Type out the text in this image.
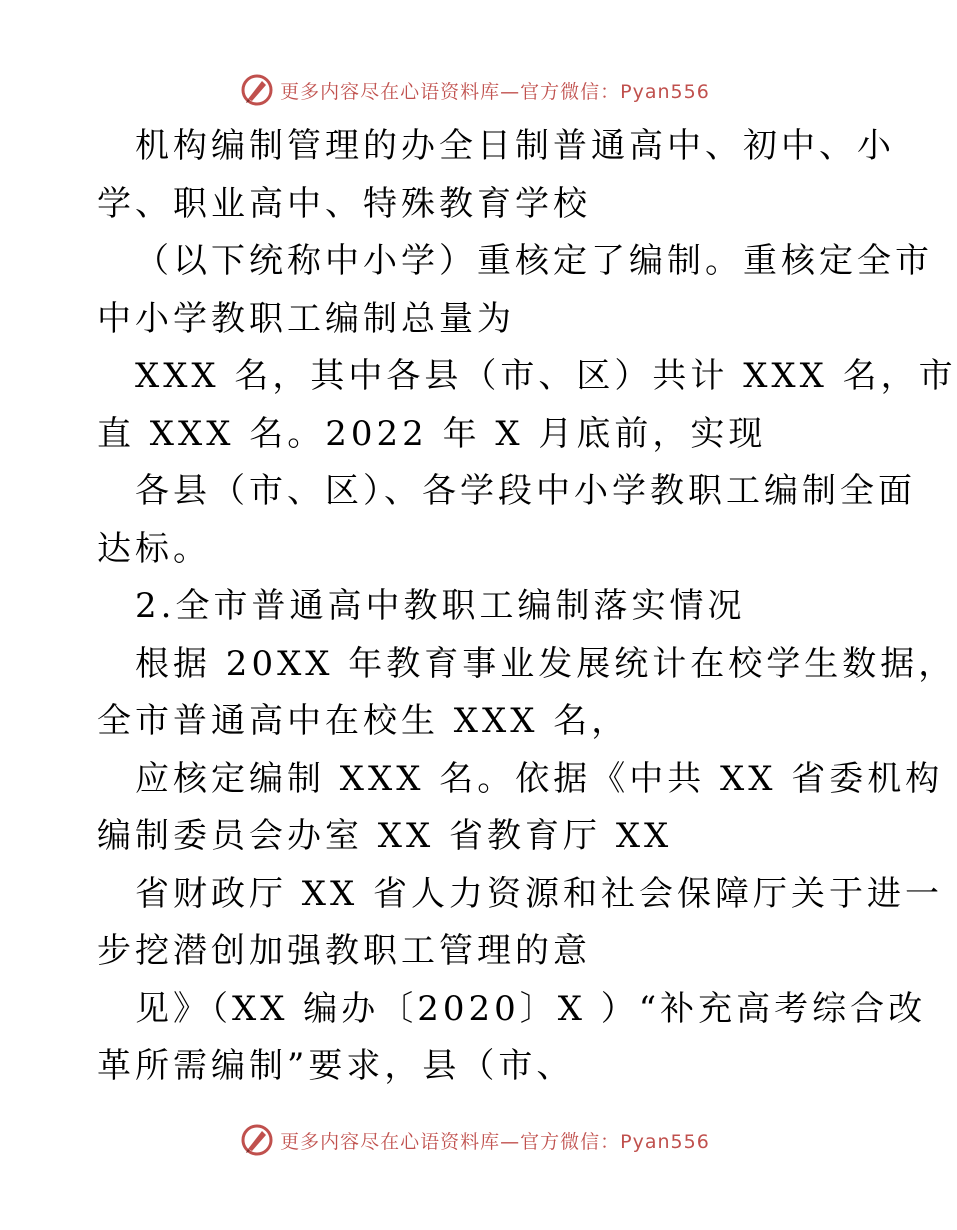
更多内容尽在心语资料库—官方微信：Pyan556
机构编制管理的办全日制普通高中、初中、小
学、职业高中、特殊教育学校
（以下统称中小学）重核定了编制。重核定全市
中小学教职工编制总量为
XXX 名，其中各县（市、区）共计 XXX 名，市
直 XXX 名。2022 年 X 月底前，实现
各县（市、区）、各学段中小学教职工编制全面
达标。
2.全市普通高中教职工编制落实情况
根据 20XX 年教育事业发展统计在校学生数据，
全市普通高中在校生 XXX 名，
应核定编制 XXX 名。依据《中共 XX 省委机构
编制委员会办室 XX 省教育厅 XX
省财政厅 XX 省人力资源和社会保障厅关于进一
步挖潜创加强教职工管理的意
见》（XX 编办〔2020〕X ）“补充高考综合改
革所需编制”要求，县（市、
更多内容尽在心语资料库—官方微信：Pyan556
